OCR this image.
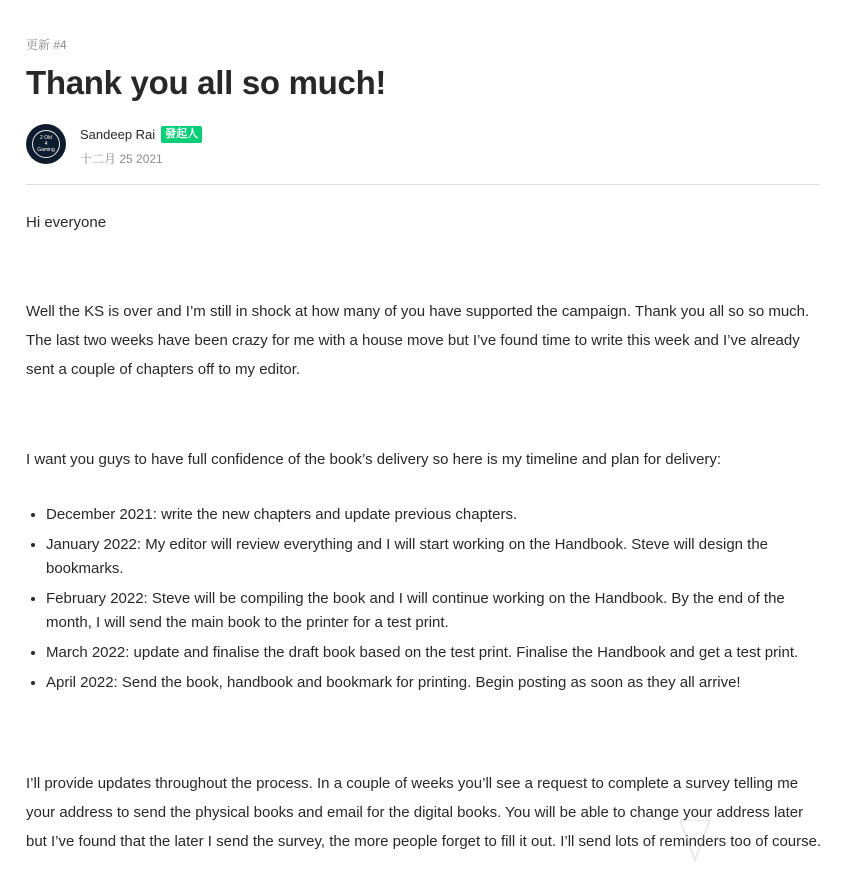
更新 #4
Thank you all so much!
2 Old
4
Gaming
Sandeep Rai 發起人
十二月 25 2021

Hi everyone

Well the KS is over and I’m still in shock at how many of you have supported the campaign. Thank you all so so much. The last two weeks have been crazy for me with a house move but I’ve found time to write this week and I’ve already sent a couple of chapters off to my editor.

I want you guys to have full confidence of the book’s delivery so here is my timeline and plan for delivery:

• December 2021: write the new chapters and update previous chapters.
• January 2022: My editor will review everything and I will start working on the Handbook. Steve will design the bookmarks.
• February 2022: Steve will be compiling the book and I will continue working on the Handbook. By the end of the month, I will send the main book to the printer for a test print.
• March 2022: update and finalise the draft book based on the test print. Finalise the Handbook and get a test print.
• April 2022: Send the book, handbook and bookmark for printing. Begin posting as soon as they all arrive!

I’ll provide updates throughout the process. In a couple of weeks you’ll see a request to complete a survey telling me your address to send the physical books and email for the digital books. You will be able to change your address later but I’ve found that the later I send the survey, the more people forget to fill it out. I’ll send lots of reminders too of course.
